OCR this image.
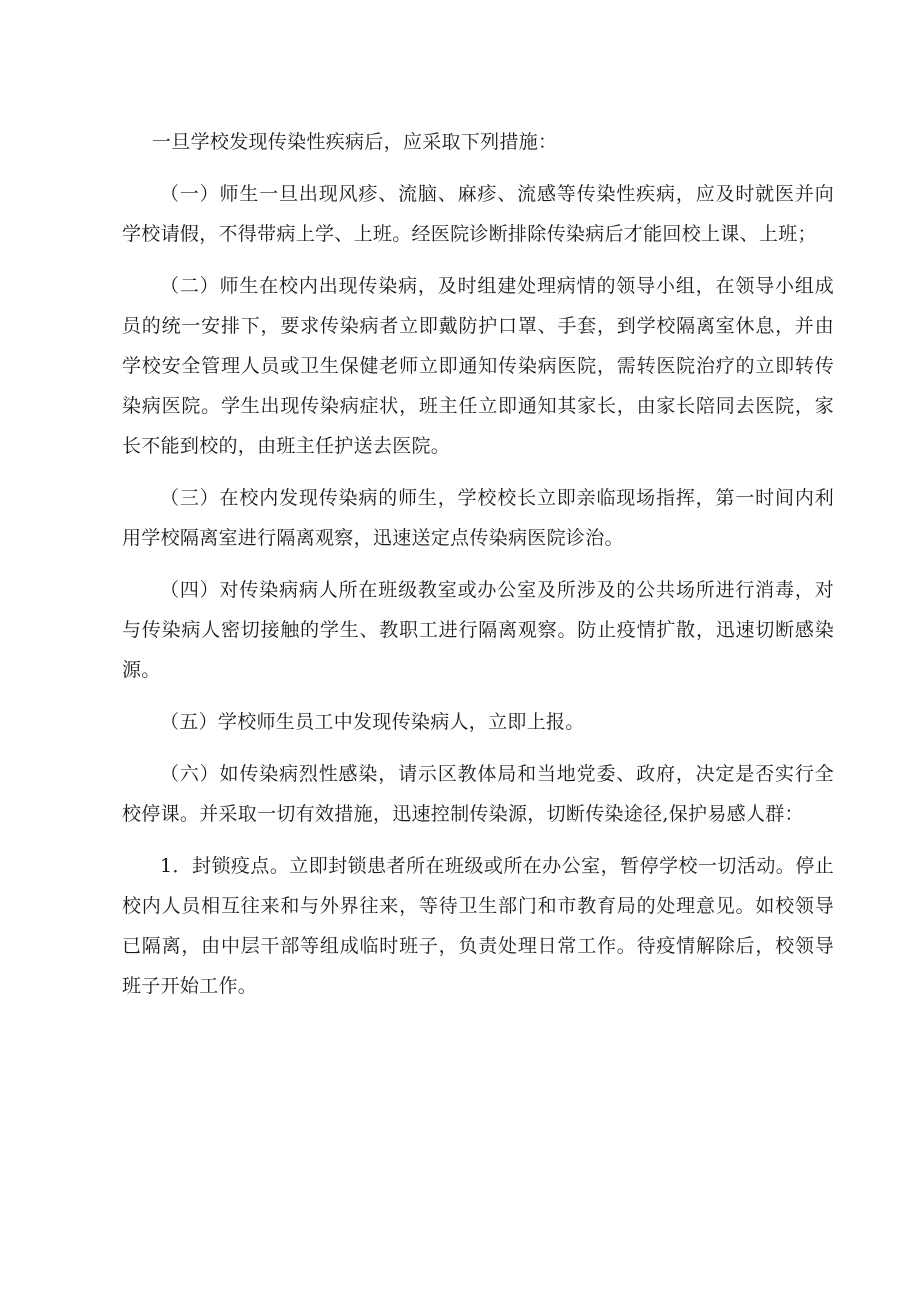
一旦学校发现传染性疾病后，应采取下列措施：

（一）师生一旦出现风疹、流脑、麻疹、流感等传染性疾病，应及时就医并向学校请假，不得带病上学、上班。经医院诊断排除传染病后才能回校上课、上班；

（二）师生在校内出现传染病，及时组建处理病情的领导小组，在领导小组成员的统一安排下，要求传染病者立即戴防护口罩、手套，到学校隔离室休息，并由学校安全管理人员或卫生保健老师立即通知传染病医院，需转医院治疗的立即转传染病医院。学生出现传染病症状，班主任立即通知其家长，由家长陪同去医院，家长不能到校的，由班主任护送去医院。

（三）在校内发现传染病的师生，学校校长立即亲临现场指挥，第一时间内利用学校隔离室进行隔离观察，迅速送定点传染病医院诊治。

（四）对传染病病人所在班级教室或办公室及所涉及的公共场所进行消毒，对与传染病人密切接触的学生、教职工进行隔离观察。防止疫情扩散，迅速切断感染源。

（五）学校师生员工中发现传染病人，立即上报。

（六）如传染病烈性感染，请示区教体局和当地党委、政府，决定是否实行全校停课。并采取一切有效措施，迅速控制传染源，切断传染途径,保护易感人群：

1．封锁疫点。立即封锁患者所在班级或所在办公室，暂停学校一切活动。停止校内人员相互往来和与外界往来，等待卫生部门和市教育局的处理意见。如校领导已隔离，由中层干部等组成临时班子，负责处理日常工作。待疫情解除后，校领导班子开始工作。
